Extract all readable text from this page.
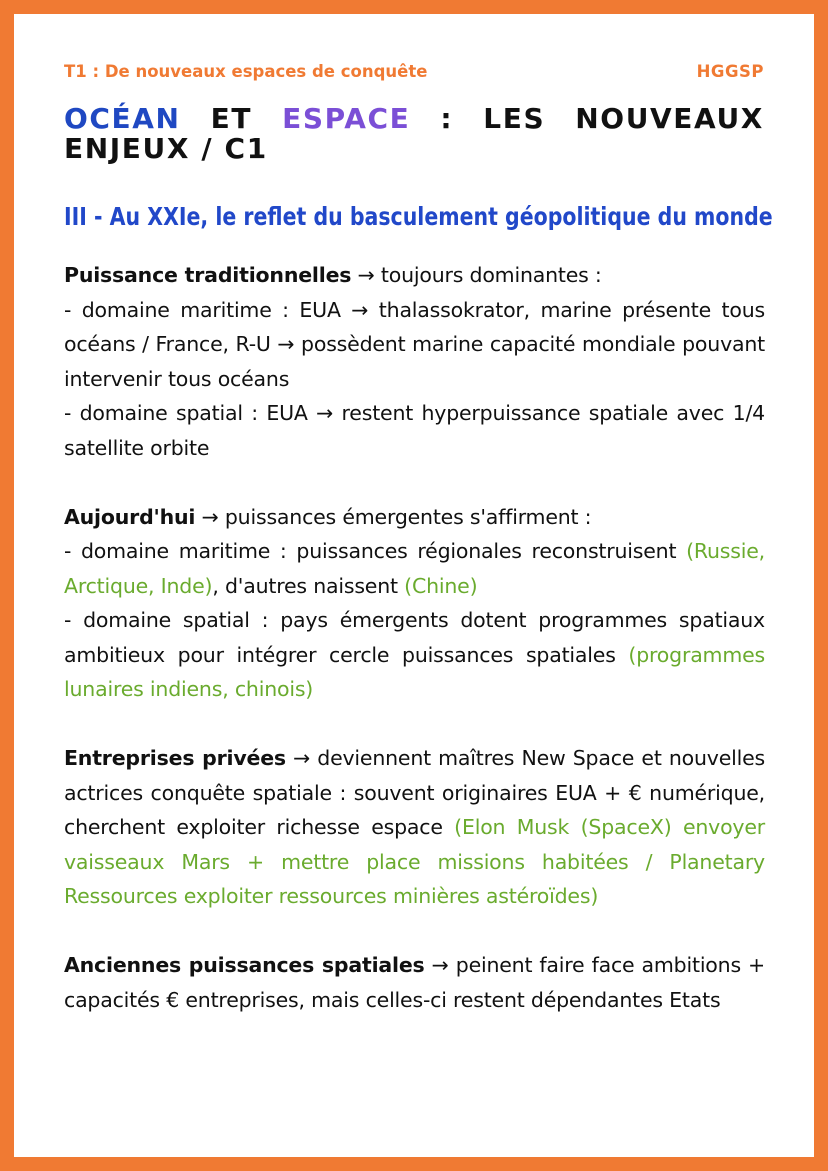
T1 : De nouveaux espaces de conquête	HGGSP
OCÉAN ET ESPACE : LES NOUVEAUX ENJEUX / C1
III - Au XXIe, le reflet du basculement géopolitique du monde

Puissance traditionnelles → toujours dominantes :
- domaine maritime : EUA → thalassokrator, marine présente tous océans / France, R-U → possèdent marine capacité mondiale pouvant intervenir tous océans
- domaine spatial : EUA → restent hyperpuissance spatiale avec 1/4 satellite orbite

Aujourd'hui → puissances émergentes s'affirment :
- domaine maritime : puissances régionales reconstruisent (Russie, Arctique, Inde), d'autres naissent (Chine)
- domaine spatial : pays émergents dotent programmes spatiaux ambitieux pour intégrer cercle puissances spatiales (programmes lunaires indiens, chinois)

Entreprises privées → deviennent maîtres New Space et nouvelles actrices conquête spatiale : souvent originaires EUA + € numérique, cherchent exploiter richesse espace (Elon Musk (SpaceX) envoyer vaisseaux Mars + mettre place missions habitées / Planetary Ressources exploiter ressources minières astéroïdes)

Anciennes puissances spatiales → peinent faire face ambitions + capacités € entreprises, mais celles-ci restent dépendantes Etats
